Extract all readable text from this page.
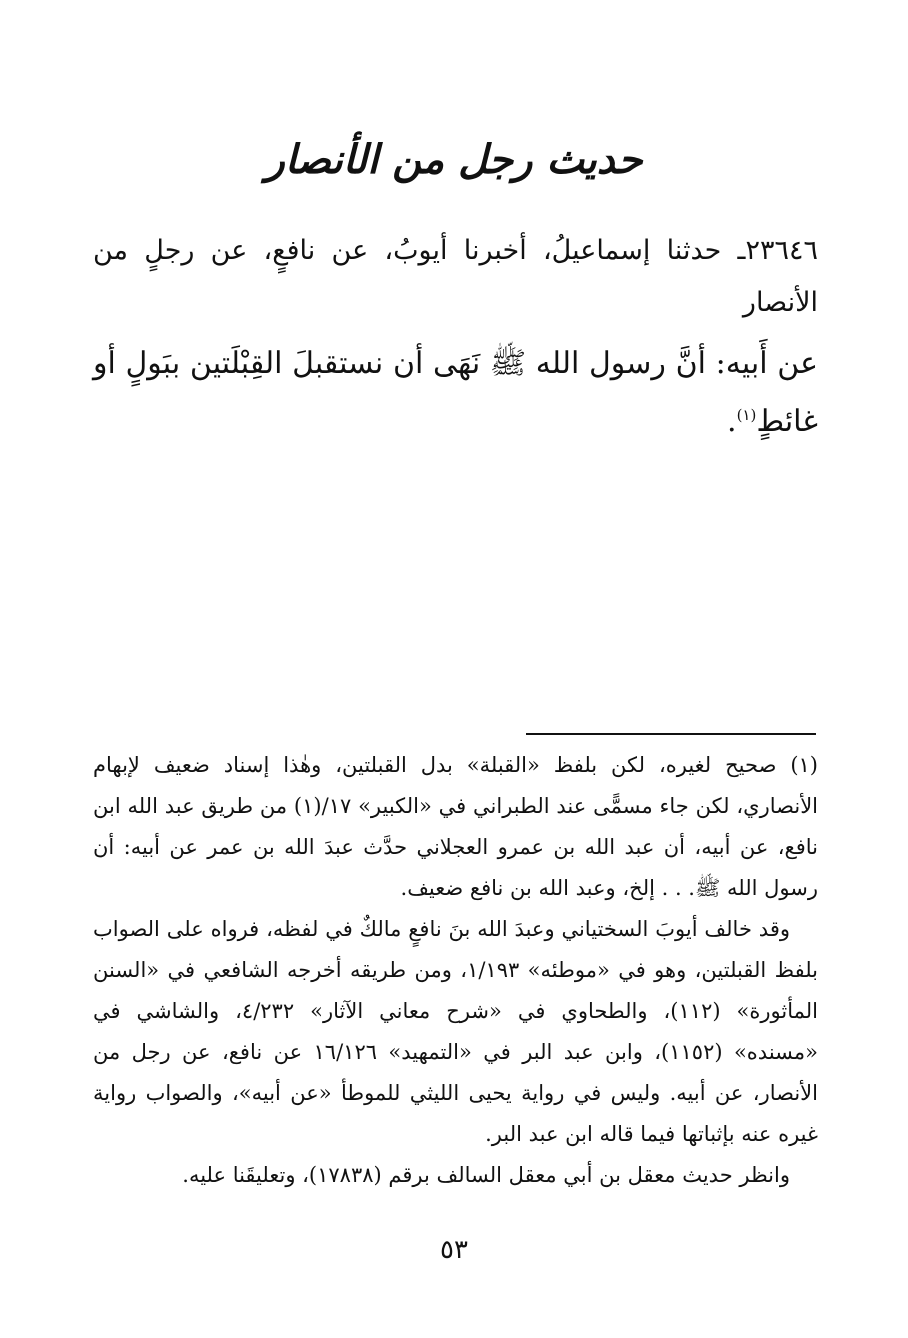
حديث رجل من الأنصار

٢٣٦٤٦ـ حدثنا إسماعيلُ، أخبرنا أيوبُ، عن نافعٍ، عن رجلٍ من الأنصار

عن أَبيه: أنَّ رسول الله ﷺ نَهَى أن نستقبلَ القِبْلَتين ببَولٍ أو غائطٍ$^{(١)}$.

(١) صحيح لغيره، لكن بلفظ «القبلة» بدل القبلتين، وهٰذا إسناد ضعيف لإبهام الأنصاري، لكن جاء مسمًّى عند الطبراني في «الكبير» ١٧/(١) من طريق عبد الله ابن نافع، عن أبيه، أن عبد الله بن عمرو العجلاني حدَّث عبدَ الله بن عمر عن أبيه: أن رسول الله ﷺ. . . إلخ، وعبد الله بن نافع ضعيف.

وقد خالف أيوبَ السختياني وعبدَ الله بنَ نافعٍ مالكٌ في لفظه، فرواه على الصواب بلفظ القبلتين، وهو في «موطئه» ١/١٩٣، ومن طريقه أخرجه الشافعي في «السنن المأثورة» (١١٢)، والطحاوي في «شرح معاني الآثار» ٤/٢٣٢، والشاشي في «مسنده» (١١٥٢)، وابن عبد البر في «التمهيد» ١٦/١٢٦ عن نافع، عن رجل من الأنصار، عن أبيه. وليس في رواية يحيى الليثي للموطأ «عن أبيه»، والصواب رواية غيره عنه بإثباتها فيما قاله ابن عبد البر.

وانظر حديث معقل بن أبي معقل السالف برقم (١٧٨٣٨)، وتعليقَنا عليه.

٥٣
